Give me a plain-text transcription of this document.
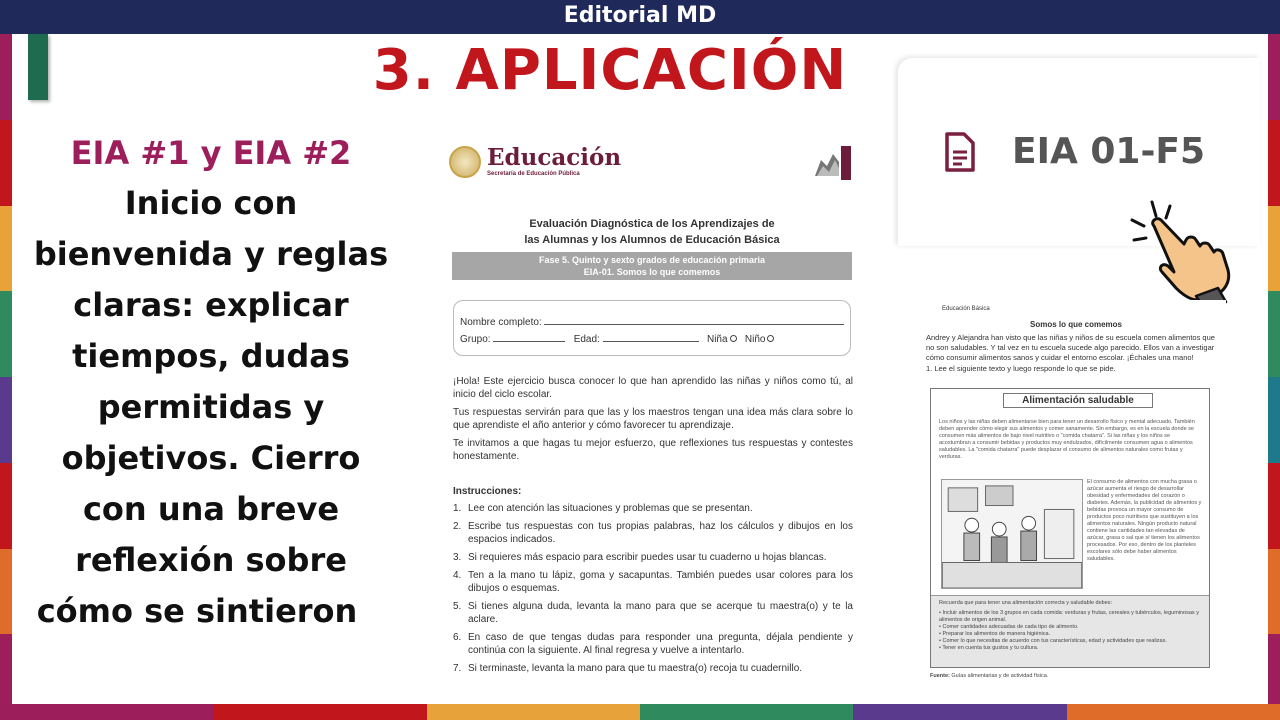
Editorial MD
3. APLICACIÓN
EIA #1 y EIA #2
Inicio con
bienvenida y reglas
claras: explicar
tiempos, dudas
permitidas y
objetivos. Cierro
con una breve
reflexión sobre
cómo se sintieron
Educación
Secretaría de Educación Pública
Evaluación Diagnóstica de los Aprendizajes de
las Alumnas y los Alumnos de Educación Básica
Fase 5. Quinto y sexto grados de educación primaria
EIA-01. Somos lo que comemos
Nombre completo:
Grupo:	Edad:	Niña Niño
¡Hola! Este ejercicio busca conocer lo que han aprendido las niñas y niños como tú, al inicio del ciclo escolar.
Tus respuestas servirán para que las y los maestros tengan una idea más clara sobre lo que aprendiste el año anterior y cómo favorecer tu aprendizaje.
Te invitamos a que hagas tu mejor esfuerzo, que reflexiones tus respuestas y contestes honestamente.
Instrucciones:
1. Lee con atención las situaciones y problemas que se presentan.
2. Escribe tus respuestas con tus propias palabras, haz los cálculos y dibujos en los espacios indicados.
3. Si requieres más espacio para escribir puedes usar tu cuaderno u hojas blancas.
4. Ten a la mano tu lápiz, goma y sacapuntas. También puedes usar colores para los dibujos o esquemas.
5. Si tienes alguna duda, levanta la mano para que se acerque tu maestra(o) y te la aclare.
6. En caso de que tengas dudas para responder una pregunta, déjala pendiente y continúa con la siguiente. Al final regresa y vuelve a intentarlo.
7. Si terminaste, levanta la mano para que tu maestra(o) recoja tu cuadernillo.
EIA 01-F5
Educación Básica
Somos lo que comemos
Andrey y Alejandra han visto que las niñas y niños de su escuela comen alimentos que no son saludables. Y tal vez en tu escuela sucede algo parecido. Ellos van a investigar cómo consumir alimentos sanos y cuidar el entorno escolar. ¡Échales una mano!
1. Lee el siguiente texto y luego responde lo que se pide.
Alimentación saludable
Los niños y las niñas deben alimentarse bien para tener un desarrollo físico y mental adecuado. También deben aprender cómo elegir sus alimentos y comer sanamente. Sin embargo, es en la escuela donde se consumen más alimentos de bajo nivel nutritivo o "comida chatarra". Si las niñas y los niños se acostumbran a consumir bebidas y productos muy endulzados, difícilmente consumen agua o alimentos saludables. La "comida chatarra" puede desplazar el consumo de alimentos naturales como frutas y verduras.
El consumo de alimentos con mucha grasa o azúcar aumenta el riesgo de desarrollar obesidad y enfermedades del corazón o diabetes. Además, la publicidad de alimentos y bebidas provoca un mayor consumo de productos poco nutritivos que sustituyen a los alimentos naturales. Ningún producto natural contiene las cantidades tan elevadas de azúcar, grasa o sal que sí tienen los alimentos procesados. Por eso, dentro de los planteles escolares sólo debe haber alimentos saludables.
Recuerda que para tener una alimentación correcta y saludable debes:
• Incluir alimentos de los 3 grupos en cada comida: verduras y frutas, cereales y tubérculos, leguminosas y alimentos de origen animal.
• Comer cantidades adecuadas de cada tipo de alimento.
• Preparar los alimentos de manera higiénica.
• Comer lo que necesitas de acuerdo con tus características, edad y actividades que realizas.
• Tener en cuenta tus gustos y tu cultura.
Fuente: Guías alimentarias y de actividad física.
